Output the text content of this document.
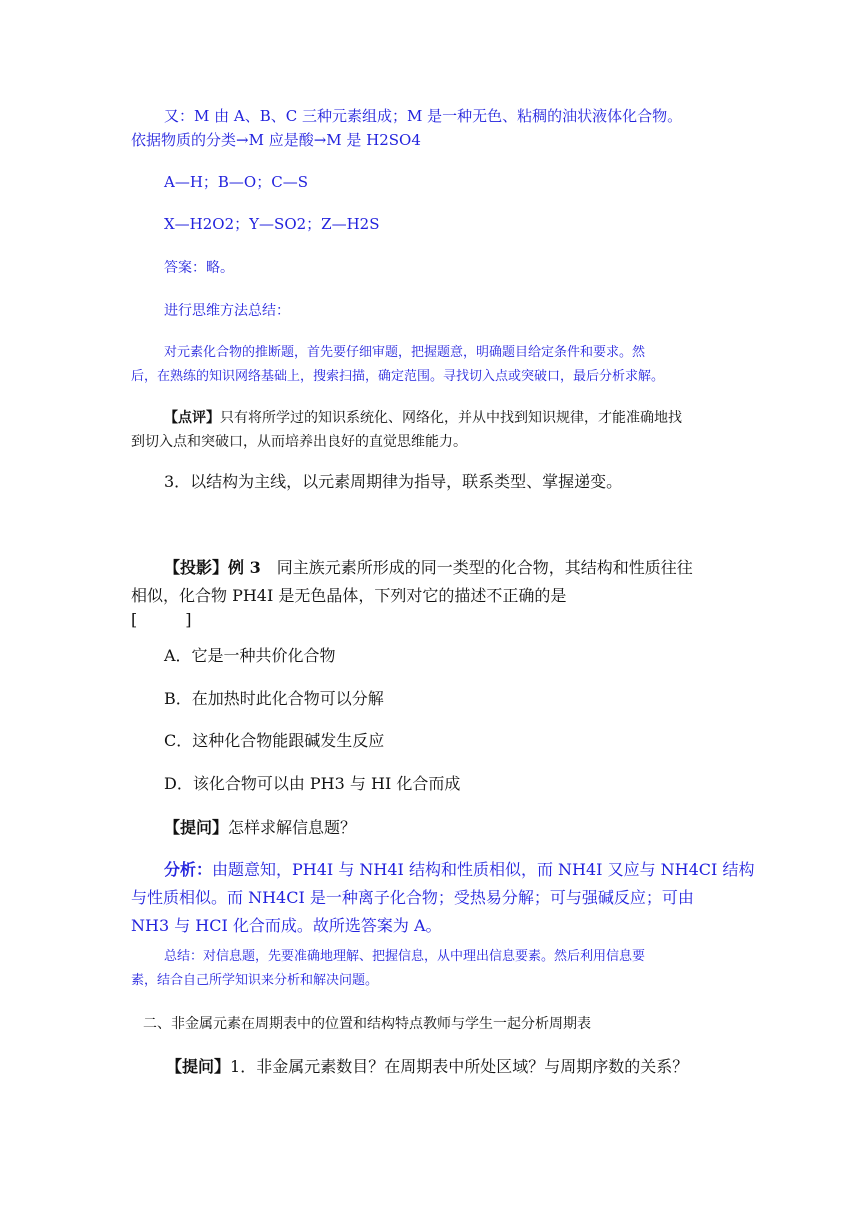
又：M 由 A、B、C 三种元素组成；M 是一种无色、粘稠的油状液体化合物。
依据物质的分类→M 应是酸→M 是 H2SO4

A—H；B—O；C—S

X—H2O2；Y—SO2；Z—H2S

答案：略。

进行思维方法总结：

对元素化合物的推断题，首先要仔细审题，把握题意，明确题目给定条件和要求。然
后，在熟练的知识网络基础上，搜索扫描，确定范围。寻找切入点或突破口，最后分析求解。

【点评】只有将所学过的知识系统化、网络化，并从中找到知识规律，才能准确地找
到切入点和突破口，从而培养出良好的直觉思维能力。

3．以结构为主线，以元素周期律为指导，联系类型、掌握递变。

【投影】例 3　同主族元素所形成的同一类型的化合物，其结构和性质往往
相似，化合物 PH4I 是无色晶体，下列对它的描述不正确的是
[　　　]

A．它是一种共价化合物

B．在加热时此化合物可以分解

C．这种化合物能跟碱发生反应

D．该化合物可以由 PH3 与 HI 化合而成

【提问】怎样求解信息题？

分析：由题意知，PH4I 与 NH4I 结构和性质相似，而 NH4I 又应与 NH4CI 结构
与性质相似。而 NH4CI 是一种离子化合物；受热易分解；可与强碱反应；可由
NH3 与 HCI 化合而成。故所选答案为 A。

总结：对信息题，先要准确地理解、把握信息，从中理出信息要素。然后利用信息要
素，结合自己所学知识来分析和解决问题。

二、非金属元素在周期表中的位置和结构特点教师与学生一起分析周期表

【提问】1．非金属元素数目？在周期表中所处区域？与周期序数的关系？
